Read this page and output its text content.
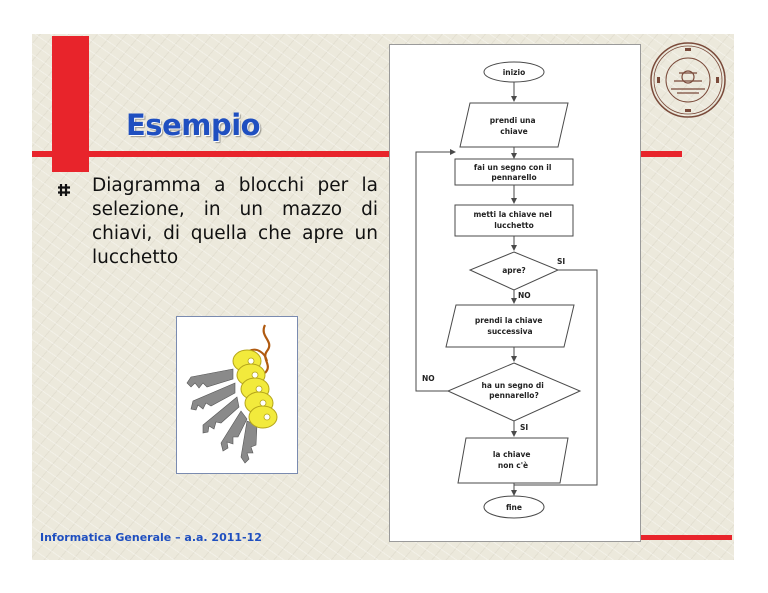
Esempio
Diagramma a blocchi per la selezione, in un mazzo di chiavi, di quella che apre un lucchetto
Informatica Generale – a.a. 2011-12
inizio
prendi una chiave
fai un segno con il pennarello
metti la chiave nel lucchetto
apre?
SI
NO
prendi la chiave successiva
ha un segno di pennarello?
NO
SI
la chiave non c'è
fine
